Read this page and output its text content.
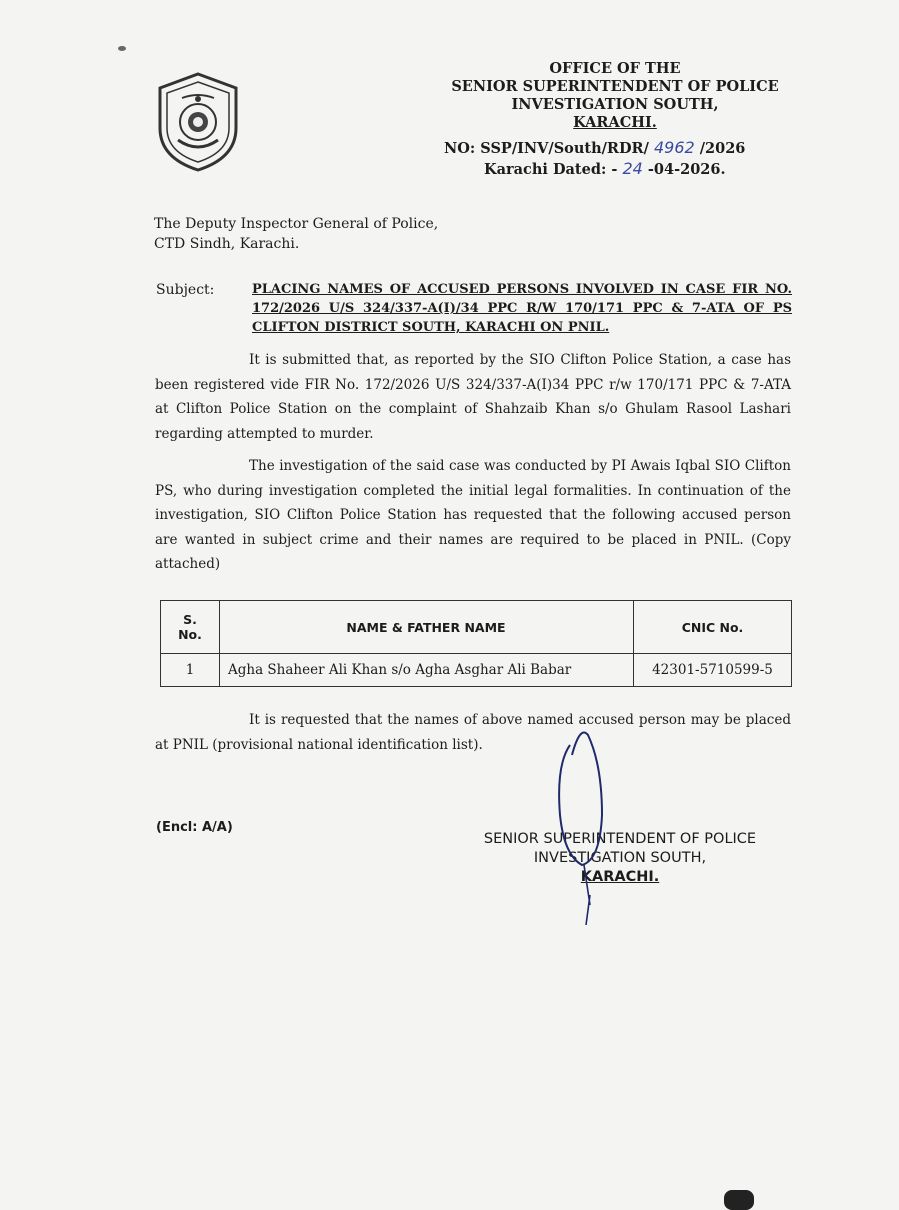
OFFICE OF THE
SENIOR SUPERINTENDENT OF POLICE
INVESTIGATION SOUTH,
KARACHI.
NO: SSP/INV/South/RDR/ 4962 /2026
Karachi Dated: - 24 -04-2026.
The Deputy Inspector General of Police,
CTD Sindh, Karachi.
Subject:	PLACING NAMES OF ACCUSED PERSONS INVOLVED IN CASE FIR NO. 172/2026 U/S 324/337-A(I)/34 PPC R/W 170/171 PPC & 7-ATA OF PS CLIFTON DISTRICT SOUTH, KARACHI ON PNIL.
It is submitted that, as reported by the SIO Clifton Police Station, a case has been registered vide FIR No. 172/2026 U/S 324/337-A(I)34 PPC r/w 170/171 PPC & 7-ATA at Clifton Police Station on the complaint of Shahzaib Khan s/o Ghulam Rasool Lashari regarding attempted to murder.
The investigation of the said case was conducted by PI Awais Iqbal SIO Clifton PS, who during investigation completed the initial legal formalities. In continuation of the investigation, SIO Clifton Police Station has requested that the following accused person are wanted in subject crime and their names are required to be placed in PNIL. (Copy attached)
S.
No.	NAME & FATHER NAME	CNIC No.
1	Agha Shaheer Ali Khan s/o Agha Asghar Ali Babar	42301-5710599-5
It is requested that the names of above named accused person may be placed at PNIL (provisional national identification list).
(Encl: A/A)
SENIOR SUPERINTENDENT OF POLICE
INVESTIGATION SOUTH,
KARACHI.
